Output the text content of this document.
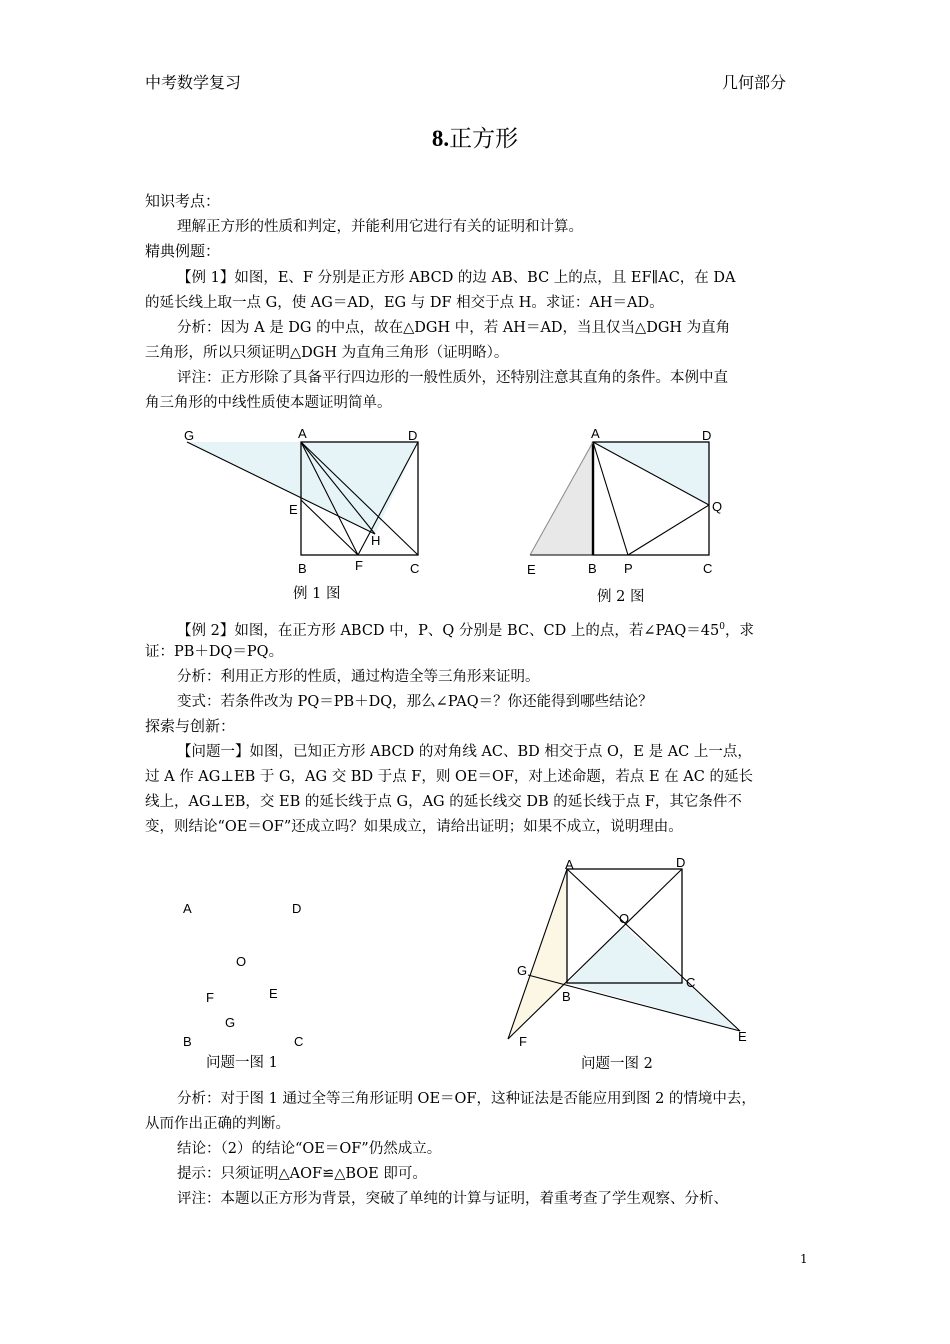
中考数学复习	几何部分
8.正方形
知识考点：
理解正方形的性质和判定，并能利用它进行有关的证明和计算。
精典例题：
【例 1】如图，E、F 分别是正方形 ABCD 的边 AB、BC 上的点，且 EF∥AC，在 DA
的延长线上取一点 G，使 AG＝AD，EG 与 DF 相交于点 H。求证：AH＝AD。
分析：因为 A 是 DG 的中点，故在△DGH 中，若 AH＝AD，当且仅当△DGH 为直角
三角形，所以只须证明△DGH 为直角三角形（证明略）。
评注：正方形除了具备平行四边形的一般性质外，还特别注意其直角的条件。本例中直
角三角形的中线性质使本题证明简单。
G	A	D
E
H
B	F	C
例 1 图
A	D
Q
E	B P	C
例 2 图
【例 2】如图，在正方形 ABCD 中，P、Q 分别是 BC、CD 上的点，若$\angle PAQ=45^0$，求
证：PB＋DQ＝PQ。
分析：利用正方形的性质，通过构造全等三角形来证明。
变式：若条件改为 PQ＝PB＋DQ，那么∠PAQ＝？你还能得到哪些结论？
探索与创新：
【问题一】如图，已知正方形 ABCD 的对角线 AC、BD 相交于点 O，E 是 AC 上一点，
过 A 作 AG⊥EB 于 G，AG 交 BD 于点 F，则 OE＝OF，对上述命题，若点 E 在 AC 的延长
线上，AG⊥EB，交 EB 的延长线于点 G，AG 的延长线交 DB 的延长线于点 F，其它条件不
变，则结论“OE＝OF”还成立吗？如果成立，请给出证明；如果不成立，说明理由。
A	D
O
F	E
G
B	C
问题一图 1
A	D
O
G
C
B
E
F
问题一图 2
分析：对于图 1 通过全等三角形证明 OE＝OF，这种证法是否能应用到图 2 的情境中去，
从而作出正确的判断。
结论：（2）的结论“OE＝OF”仍然成立。
提示：只须证明△AOF≌△BOE 即可。
评注：本题以正方形为背景，突破了单纯的计算与证明，着重考查了学生观察、分析、
1
